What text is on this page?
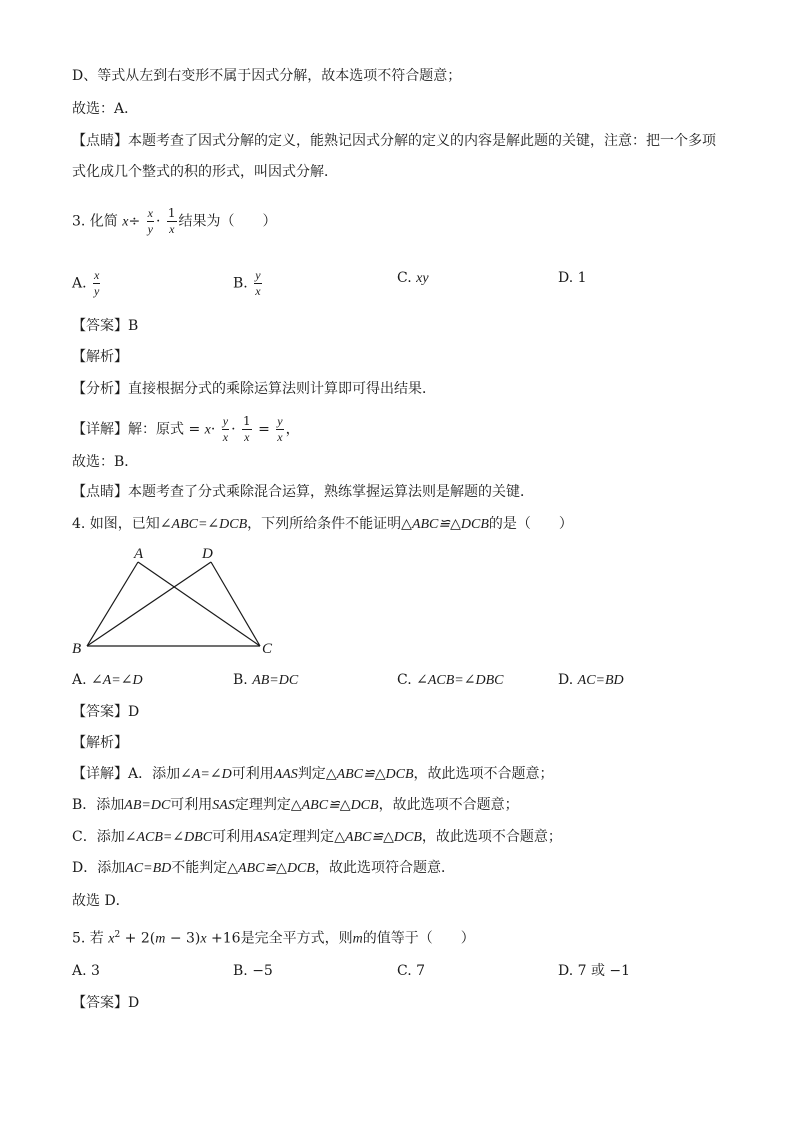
D、等式从左到右变形不属于因式分解，故本选项不符合题意；
故选：A．
【点睛】本题考查了因式分解的定义，能熟记因式分解的定义的内容是解此题的关键，注意：把一个多项
式化成几个整式的积的形式，叫因式分解．
3. 化简 $x\div \frac{x}{y} \cdot \frac{1}{x}$ 结果为（　　）
A. $\frac{x}{y}$	B. $\frac{y}{x}$	C. xy	D. 1
【答案】B
【解析】
【分析】直接根据分式的乘除运算法则计算即可得出结果．
【详解】解：原式 = $x\cdot \frac{y}{x} \cdot \frac{1}{x} = \frac{y}{x}$ ，
故选：B．
【点睛】本题考查了分式乘除混合运算，熟练掌握运算法则是解题的关键．
4. 如图，已知∠ABC=∠DCB，下列所给条件不能证明△ABC≌△DCB的是（　　）
A	D
B	C
A. ∠A=∠D	B. AB=DC	C. ∠ACB=∠DBC	D. AC=BD
【答案】D
【解析】
【详解】A．添加∠A=∠D可利用AAS判定△ABC≌△DCB，故此选项不合题意；
B．添加AB=DC可利用SAS定理判定△ABC≌△DCB，故此选项不合题意；
C．添加∠ACB=∠DBC可利用ASA定理判定△ABC≌△DCB，故此选项不合题意；
D．添加AC=BD不能判定△ABC≌△DCB，故此选项符合题意．
故选 D．
5. 若 $x^2 + 2(m - 3)x +16$是完全平方式，则m的值等于（　　）
A. 3	B. −5	C. 7	D. 7 或 −1
【答案】D
